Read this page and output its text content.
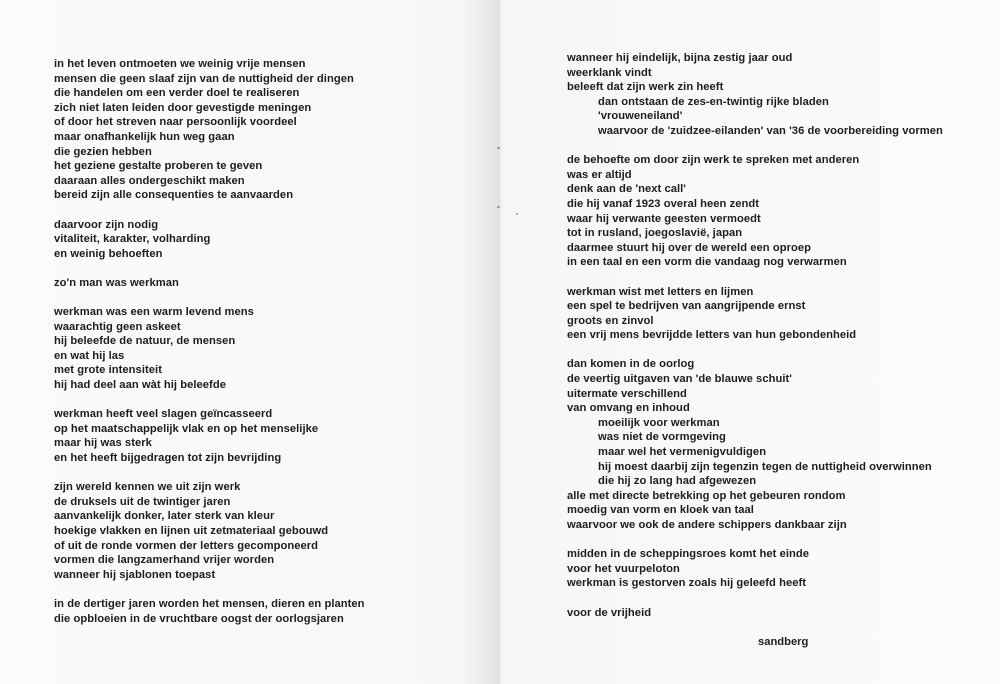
in het leven ontmoeten we weinig vrije mensen
mensen die geen slaaf zijn van de nuttigheid der dingen
die handelen om een verder doel te realiseren
zich niet laten leiden door gevestigde meningen
of door het streven naar persoonlijk voordeel
maar onafhankelijk hun weg gaan
die gezien hebben
het geziene gestalte proberen te geven
daaraan alles ondergeschikt maken
bereid zijn alle consequenties te aanvaarden
daarvoor zijn nodig
vitaliteit, karakter, volharding
en weinig behoeften
zo'n man was werkman
werkman was een warm levend mens
waarachtig geen askeet
hij beleefde de natuur, de mensen
en wat hij las
met grote intensiteit
hij had deel aan wàt hij beleefde
werkman heeft veel slagen geïncasseerd
op het maatschappelijk vlak en op het menselijke
maar hij was sterk
en het heeft bijgedragen tot zijn bevrijding
zijn wereld kennen we uit zijn werk
de druksels uit de twintiger jaren
aanvankelijk donker, later sterk van kleur
hoekige vlakken en lijnen uit zetmateriaal gebouwd
of uit de ronde vormen der letters gecomponeerd
vormen die langzamerhand vrijer worden
wanneer hij sjablonen toepast
in de dertiger jaren worden het mensen, dieren en planten
die opbloeien in de vruchtbare oogst der oorlogsjaren
wanneer hij eindelijk, bijna zestig jaar oud
weerklank vindt
beleeft dat zijn werk zin heeft
dan ontstaan de zes-en-twintig rijke bladen
'vrouweneiland'
waarvoor de 'zuidzee-eilanden' van '36 de voorbereiding vormen
de behoefte om door zijn werk te spreken met anderen
was er altijd
denk aan de 'next call'
die hij vanaf 1923 overal heen zendt
waar hij verwante geesten vermoedt
tot in rusland, joegoslavië, japan
daarmee stuurt hij over de wereld een oproep
in een taal en een vorm die vandaag nog verwarmen
werkman wist met letters en lijmen
een spel te bedrijven van aangrijpende ernst
groots en zinvol
een vrij mens bevrijdde letters van hun gebondenheid
dan komen in de oorlog
de veertig uitgaven van 'de blauwe schuit'
uitermate verschillend
van omvang en inhoud
moeilijk voor werkman
was niet de vormgeving
maar wel het vermenigvuldigen
hij moest daarbij zijn tegenzin tegen de nuttigheid overwinnen
die hij zo lang had afgewezen
alle met directe betrekking op het gebeuren rondom
moedig van vorm en kloek van taal
waarvoor we ook de andere schippers dankbaar zijn
midden in de scheppingsroes komt het einde
voor het vuurpeloton
werkman is gestorven zoals hij geleefd heeft
voor de vrijheid
sandberg
